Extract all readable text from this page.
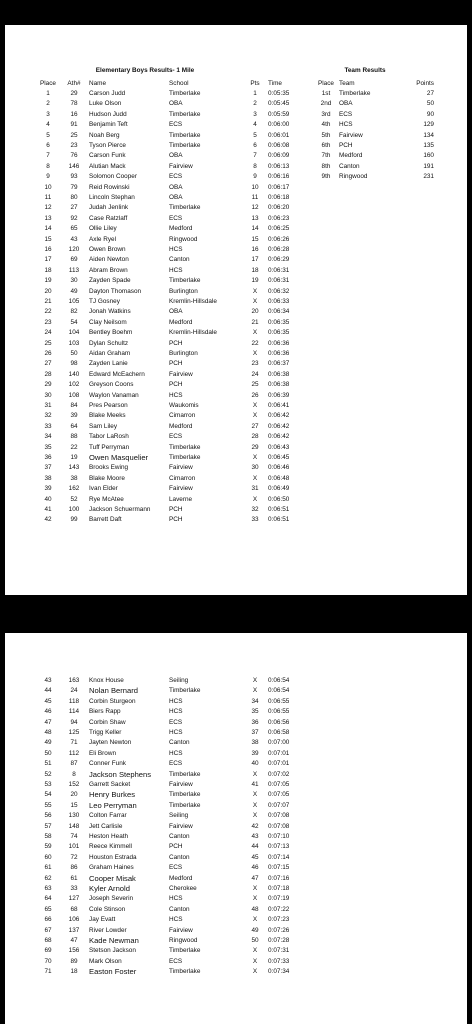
Elementary Boys Results- 1 Mile	Team Results
Place	Ath#	Name	School	Pts	Time	Place Team	Points
1	29	Carson Judd	Timberlake	1	0:05:35
2	78	Luke Olson	OBA	2	0:05:45
3	16	Hudson Judd	Timberlake	3	0:05:59
4	91	Benjamin Teft	ECS	4	0:06:00
5	25	Noah Berg	Timberlake	5	0:06:01
6	23	Tyson Pierce	Timberlake	6	0:06:08
7	76	Carson Funk	OBA	7	0:06:09
8	146	Alutian Mack	Fairview	8	0:06:13
9	93	Solomon Cooper	ECS	9	0:06:16
10	79	Reid Rowinski	OBA	10	0:06:17
11	80	Lincoln Stephan	OBA	11	0:06:18
12	27	Judah Jenlink	Timberlake	12	0:06:20
13	92	Case Ratzlaff	ECS	13	0:06:23
14	65	Ollie Liley	Medford	14	0:06:25
15	43	Axle Ryel	Ringwood	15	0:06:26
16	120	Owen Brown	HCS	16	0:06:28
17	69	Aiden Newton	Canton	17	0:06:29
18	113	Abram Brown	HCS	18	0:06:31
19	30	Zayden Spade	Timberlake	19	0:06:31
20	49	Dayton Thomason	Burlington	X	0:06:32
21	105	TJ Gosney	Kremlin-Hillsdale	X	0:06:33
22	82	Jonah Watkins	OBA	20	0:06:34
23	54	Clay Neilsom	Medford	21	0:06:35
24	104	Bentley Boehm	Kremlin-Hillsdale	X	0:06:35
25	103	Dylan Schultz	PCH	22	0:06:36
26	50	Aidan Graham	Burlington	X	0:06:36
27	98	Zayden Lanie	PCH	23	0:06:37
28	140	Edward McEachern	Fairview	24	0:06:38
29	102	Greyson Coons	PCH	25	0:06:38
30	108	Waylon Vanaman	HCS	26	0:06:39
31	84	Pres Pearson	Waukomis	X	0:06:41
32	39	Blake Meeks	Cimarron	X	0:06:42
33	64	Sam Liley	Medford	27	0:06:42
34	88	Tabor LaRosh	ECS	28	0:06:42
35	22	Tuff Perryman	Timberlake	29	0:06:43
36	19	Owen Masquelier	Timberlake	X	0:06:45
37	143	Brooks Ewing	Fairview	30	0:06:46
38	38	Blake Moore	Cimarron	X	0:06:48
39	162	Ivan Elder	Fairview	31	0:06:49
40	52	Rye McAtee	Laverne	X	0:06:50
41	100	Jackson Schuermann	PCH	32	0:06:51
42	99	Barrett Daft	PCH	33	0:06:51
1st	Timberlake	27
2nd	OBA	50
3rd	ECS	90
4th	HCS	129
5th	Fairview	134
6th	PCH	135
7th	Medford	160
8th	Canton	191
9th	Ringwood	231
43	163	Knox House	Seiling	X	0:06:54
44	24	Nolan Bernard	Timberlake	X	0:06:54
45	118	Corbin Sturgeon	HCS	34	0:06:55
46	114	Biers Rapp	HCS	35	0:06:55
47	94	Corbin Shaw	ECS	36	0:06:56
48	125	Trigg Keller	HCS	37	0:06:58
49	71	Jayten Newton	Canton	38	0:07:00
50	112	Eli Brown	HCS	39	0:07:01
51	87	Conner Funk	ECS	40	0:07:01
52	8	Jackson Stephens	Timberlake	X	0:07:02
53	152	Garrett Sacket	Fairview	41	0:07:05
54	20	Henry Burkes	Timberlake	X	0:07:05
55	15	Leo Perryman	Timberlake	X	0:07:07
56	130	Colton Farrar	Seiling	X	0:07:08
57	148	Jett Carlisle	Fairview	42	0:07:08
58	74	Heston Heath	Canton	43	0:07:10
59	101	Reece Kimmell	PCH	44	0:07:13
60	72	Houston Estrada	Canton	45	0:07:14
61	86	Graham Haines	ECS	46	0:07:15
62	61	Cooper Misak	Medford	47	0:07:16
63	33	Kyler Arnold	Cherokee	X	0:07:18
64	127	Joseph Severin	HCS	X	0:07:19
65	68	Cole Stinson	Canton	48	0:07:22
66	106	Jay Evatt	HCS	X	0:07:23
67	137	River Lowder	Fairview	49	0:07:26
68	47	Kade Newman	Ringwood	50	0:07:28
69	156	Stetson Jackson	Timberlake	X	0:07:31
70	89	Mark Olson	ECS	X	0:07:33
71	18	Easton Foster	Timberlake	X	0:07:34
